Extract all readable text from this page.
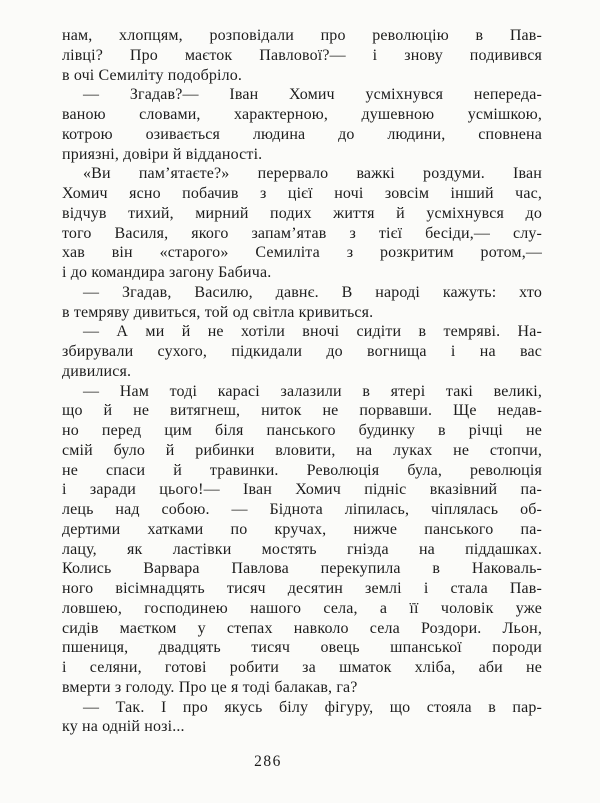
нам, хлопцям, розповідали про революцію в Пав-
лівці? Про маєток Павлової?— і знову подивився
в очі Семиліту подобріло.
— Згадав?— Іван Хомич усміхнувся непереда-
ваною словами, характерною, душевною усмішкою,
котрою озивається людина до людини, сповнена
приязні, довіри й відданості.
«Ви пам’ятаєте?» перервало важкі роздуми. Іван
Хомич ясно побачив з цієї ночі зовсім інший час,
відчув тихий, мирний подих життя й усміхнувся до
того Василя, якого запам’ятав з тієї бесіди,— слу-
хав він «старого» Семиліта з розкритим ротом,—
і до командира загону Бабича.
— Згадав, Василю, давнє. В народі кажуть: хто
в темряву дивиться, той од світла кривиться.
— А ми й не хотіли вночі сидіти в темряві. На-
збирували сухого, підкидали до вогнища і на вас
дивилися.
— Нам тоді карасі залазили в ятері такі великі,
що й не витягнеш, ниток не порвавши. Ще недав-
но перед цим біля панського будинку в річці не
смій було й рибинки вловити, на луках не стопчи,
не спаси й травинки. Революція була, революція
і заради цього!— Іван Хомич підніс вказівний па-
лець над собою. — Біднота ліпилась, чіплялась об-
дертими хатками по кручах, нижче панського па-
лацу, як ластівки мостять гнізда на піддашках.
Колись Варвара Павлова перекупила в Наковаль-
ного вісімнадцять тисяч десятин землі і стала Пав-
ловшею, господинею нашого села, а її чоловік уже
сидів маєтком у степах навколо села Роздори. Льон,
пшениця, двадцять тисяч овець шпанської породи
і селяни, готові робити за шматок хліба, аби не
вмерти з голоду. Про це я тоді балакав, га?
— Так. І про якусь білу фігуру, що стояла в пар-
ку на одній нозі...
286
